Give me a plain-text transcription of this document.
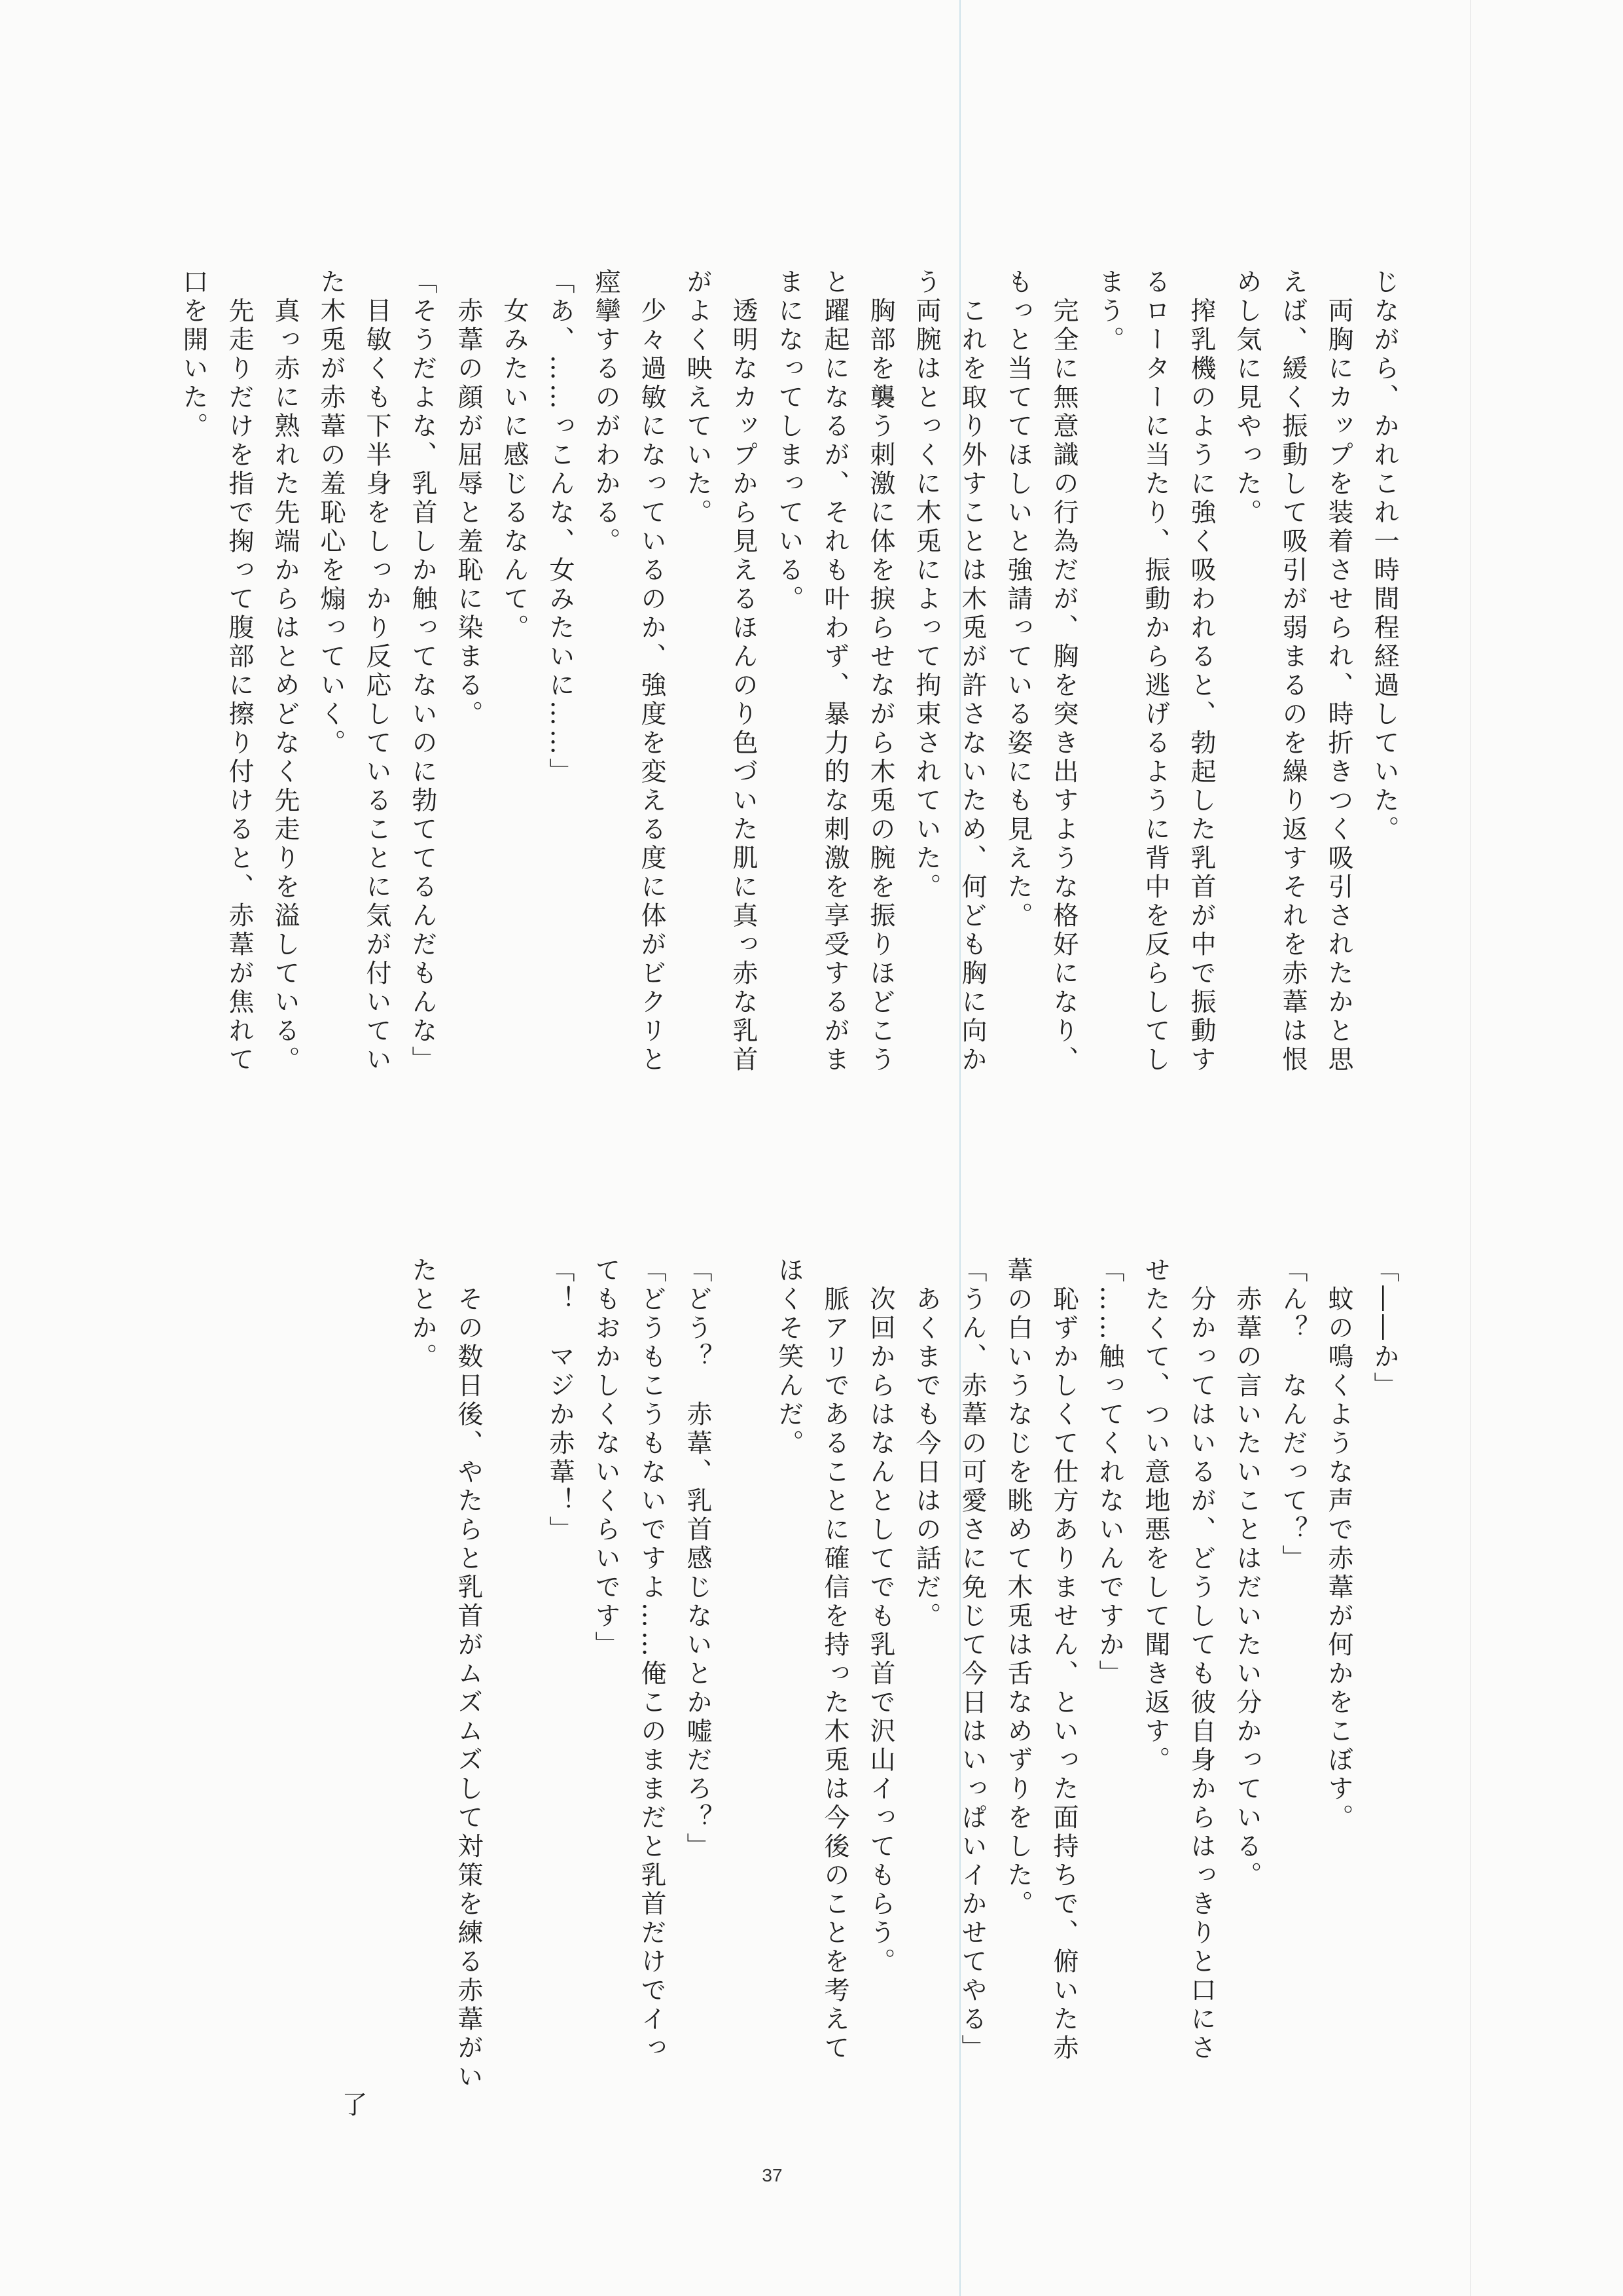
じながら、かれこれ一時間程経過していた。

　両胸にカップを装着させられ、時折きつく吸引されたかと思

えば、緩く振動して吸引が弱まるのを繰り返すそれを赤葦は恨

めし気に見やった。

　搾乳機のように強く吸われると、勃起した乳首が中で振動す

るローターに当たり、振動から逃げるように背中を反らしてし

まう。

　完全に無意識の行為だが、胸を突き出すような格好になり、

もっと当ててほしいと強請っている姿にも見えた。

　これを取り外すことは木兎が許さないため、何ども胸に向か

う両腕はとっくに木兎によって拘束されていた。

　胸部を襲う刺激に体を捩らせながら木兎の腕を振りほどこう

と躍起になるが、それも叶わず、暴力的な刺激を享受するがま

まになってしまっている。

　透明なカップから見えるほんのり色づいた肌に真っ赤な乳首

がよく映えていた。

　少々過敏になっているのか、強度を変える度に体がビクリと

痙攣するのがわかる。

「あ、……っこんな、女みたいに……」

　女みたいに感じるなんて。

　赤葦の顔が屈辱と羞恥に染まる。

「そうだよな、乳首しか触ってないのに勃ててるんだもんな」

　目敏くも下半身をしっかり反応していることに気が付いてい

た木兎が赤葦の羞恥心を煽っていく。

　真っ赤に熟れた先端からはとめどなく先走りを溢している。

　先走りだけを指で掬って腹部に擦り付けると、赤葦が焦れて

口を開いた。

「――か」

　蚊の鳴くような声で赤葦が何かをこぼす。

「ん？　なんだって？」

　赤葦の言いたいことはだいたい分かっている。

　分かってはいるが、どうしても彼自身からはっきりと口にさ

せたくて、つい意地悪をして聞き返す。

「……触ってくれないんですか」

　恥ずかしくて仕方ありません、といった面持ちで、俯いた赤

葦の白いうなじを眺めて木兎は舌なめずりをした。

「うん、赤葦の可愛さに免じて今日はいっぱいイかせてやる」

　あくまでも今日はの話だ。

　次回からはなんとしてでも乳首で沢山イってもらう。

　脈アリであることに確信を持った木兎は今後のことを考えて

ほくそ笑んだ。

「どう？　赤葦、乳首感じないとか嘘だろ？」

「どうもこうもないですよ……俺このままだと乳首だけでイっ

てもおかしくないくらいです」

「！　マジか赤葦！」

　その数日後、やたらと乳首がムズムズして対策を練る赤葦がい

たとか。

了
37
